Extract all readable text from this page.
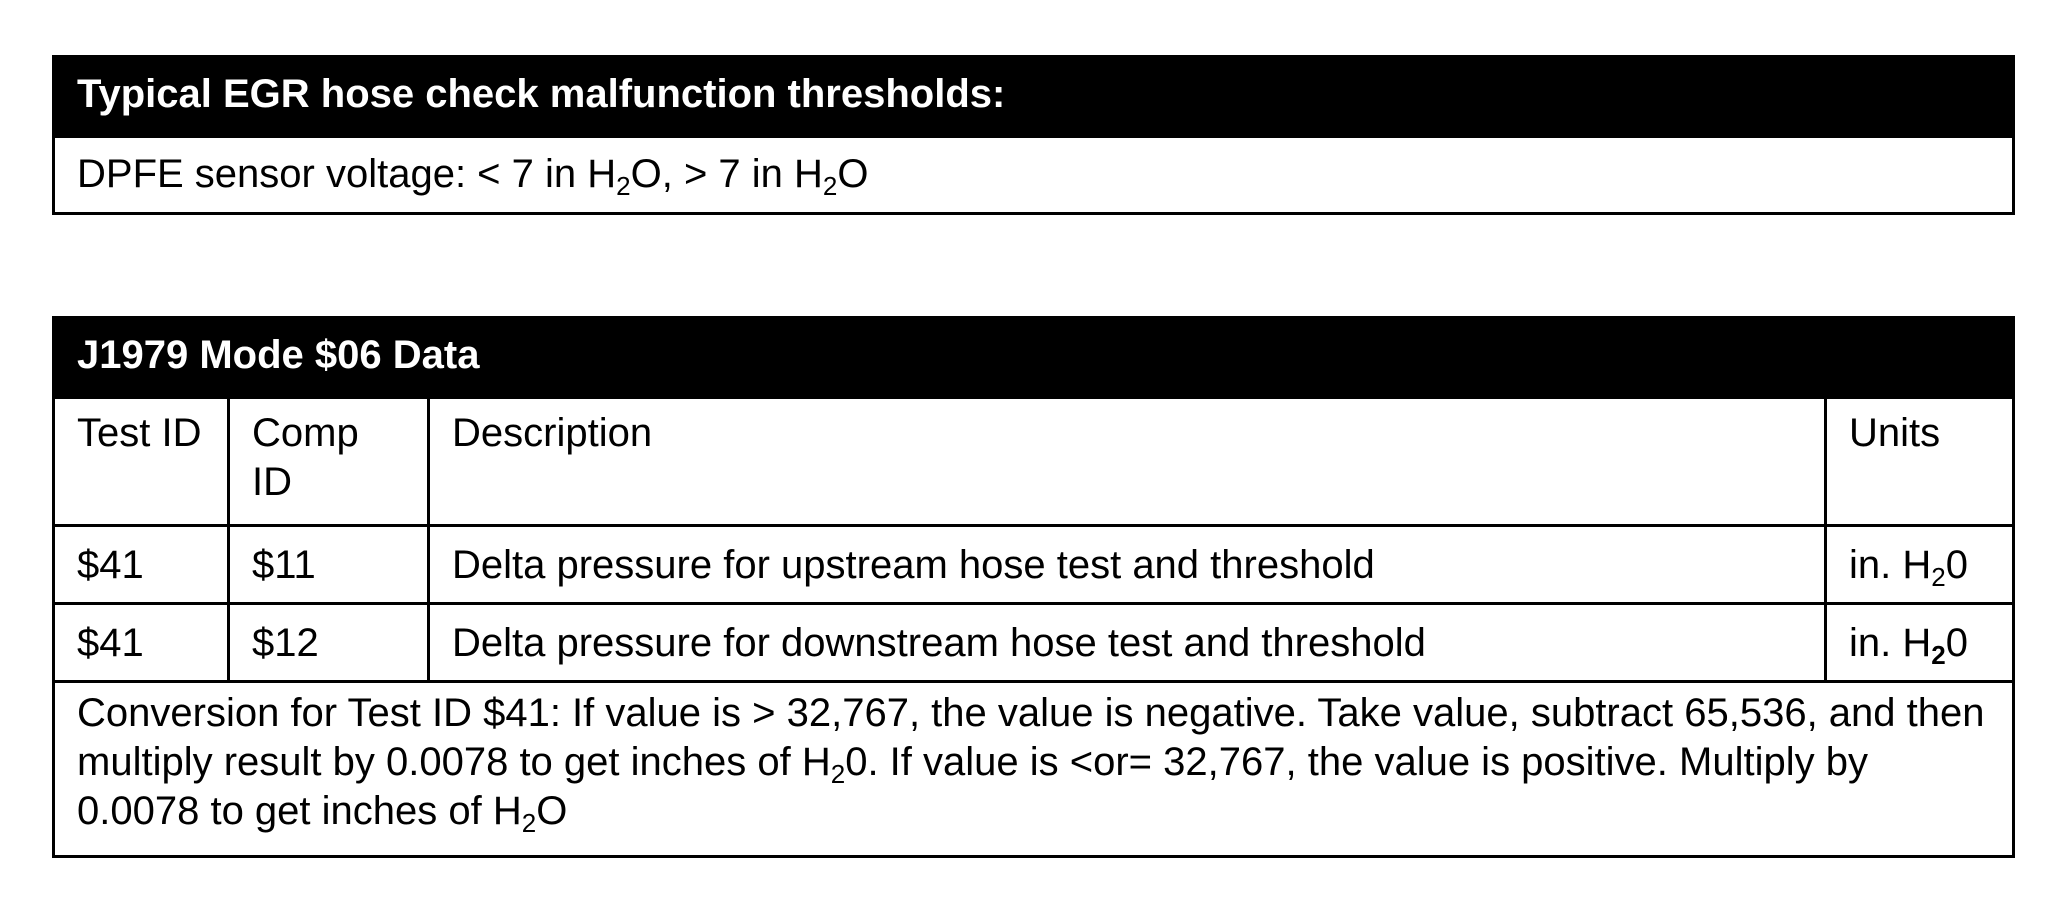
Typical EGR hose check malfunction thresholds:
DPFE sensor voltage: < 7 in $H_2O$, > 7 in $H_2O$
J1979 Mode $06 Data			
Test ID	Comp ID	Description	Units
$41	$11	Delta pressure for upstream hose test and threshold	in. $H_20$
$41	$12	Delta pressure for downstream hose test and threshold	in. $H_20$
Conversion for Test ID $41: If value is > 32,767, the value is negative. Take value, subtract 65,536, and then multiply result by 0.0078 to get inches of $H_20$. If value is <or= 32,767, the value is positive. Multiply by 0.0078 to get inches of $H_2O$			
